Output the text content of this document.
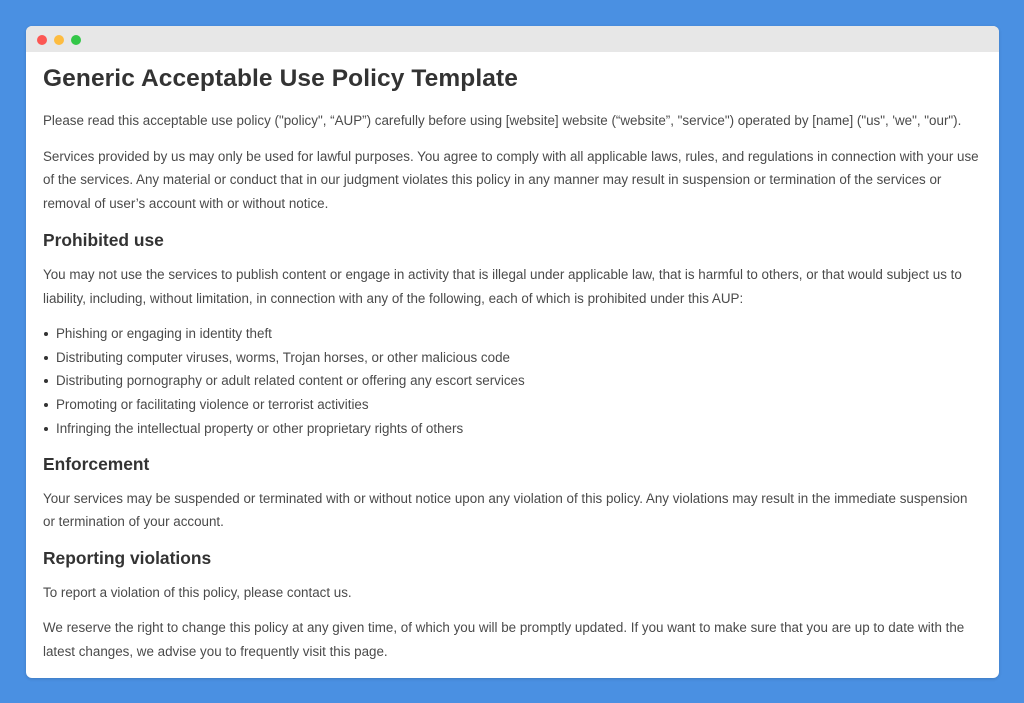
Generic Acceptable Use Policy Template

Please read this acceptable use policy ("policy", “AUP”) carefully before using [website] website (“website”, "service") operated by [name] ("us", 'we", "our").

Services provided by us may only be used for lawful purposes. You agree to comply with all applicable laws, rules, and regulations in connection with your use of the services. Any material or conduct that in our judgment violates this policy in any manner may result in suspension or termination of the services or removal of user’s account with or without notice.

Prohibited use

You may not use the services to publish content or engage in activity that is illegal under applicable law, that is harmful to others, or that would subject us to liability, including, without limitation, in connection with any of the following, each of which is prohibited under this AUP:

Phishing or engaging in identity theft
Distributing computer viruses, worms, Trojan horses, or other malicious code
Distributing pornography or adult related content or offering any escort services
Promoting or facilitating violence or terrorist activities
Infringing the intellectual property or other proprietary rights of others
Enforcement

Your services may be suspended or terminated with or without notice upon any violation of this policy. Any violations may result in the immediate suspension or termination of your account.

Reporting violations

To report a violation of this policy, please contact us.

We reserve the right to change this policy at any given time, of which you will be promptly updated. If you want to make sure that you are up to date with the latest changes, we advise you to frequently visit this page.
